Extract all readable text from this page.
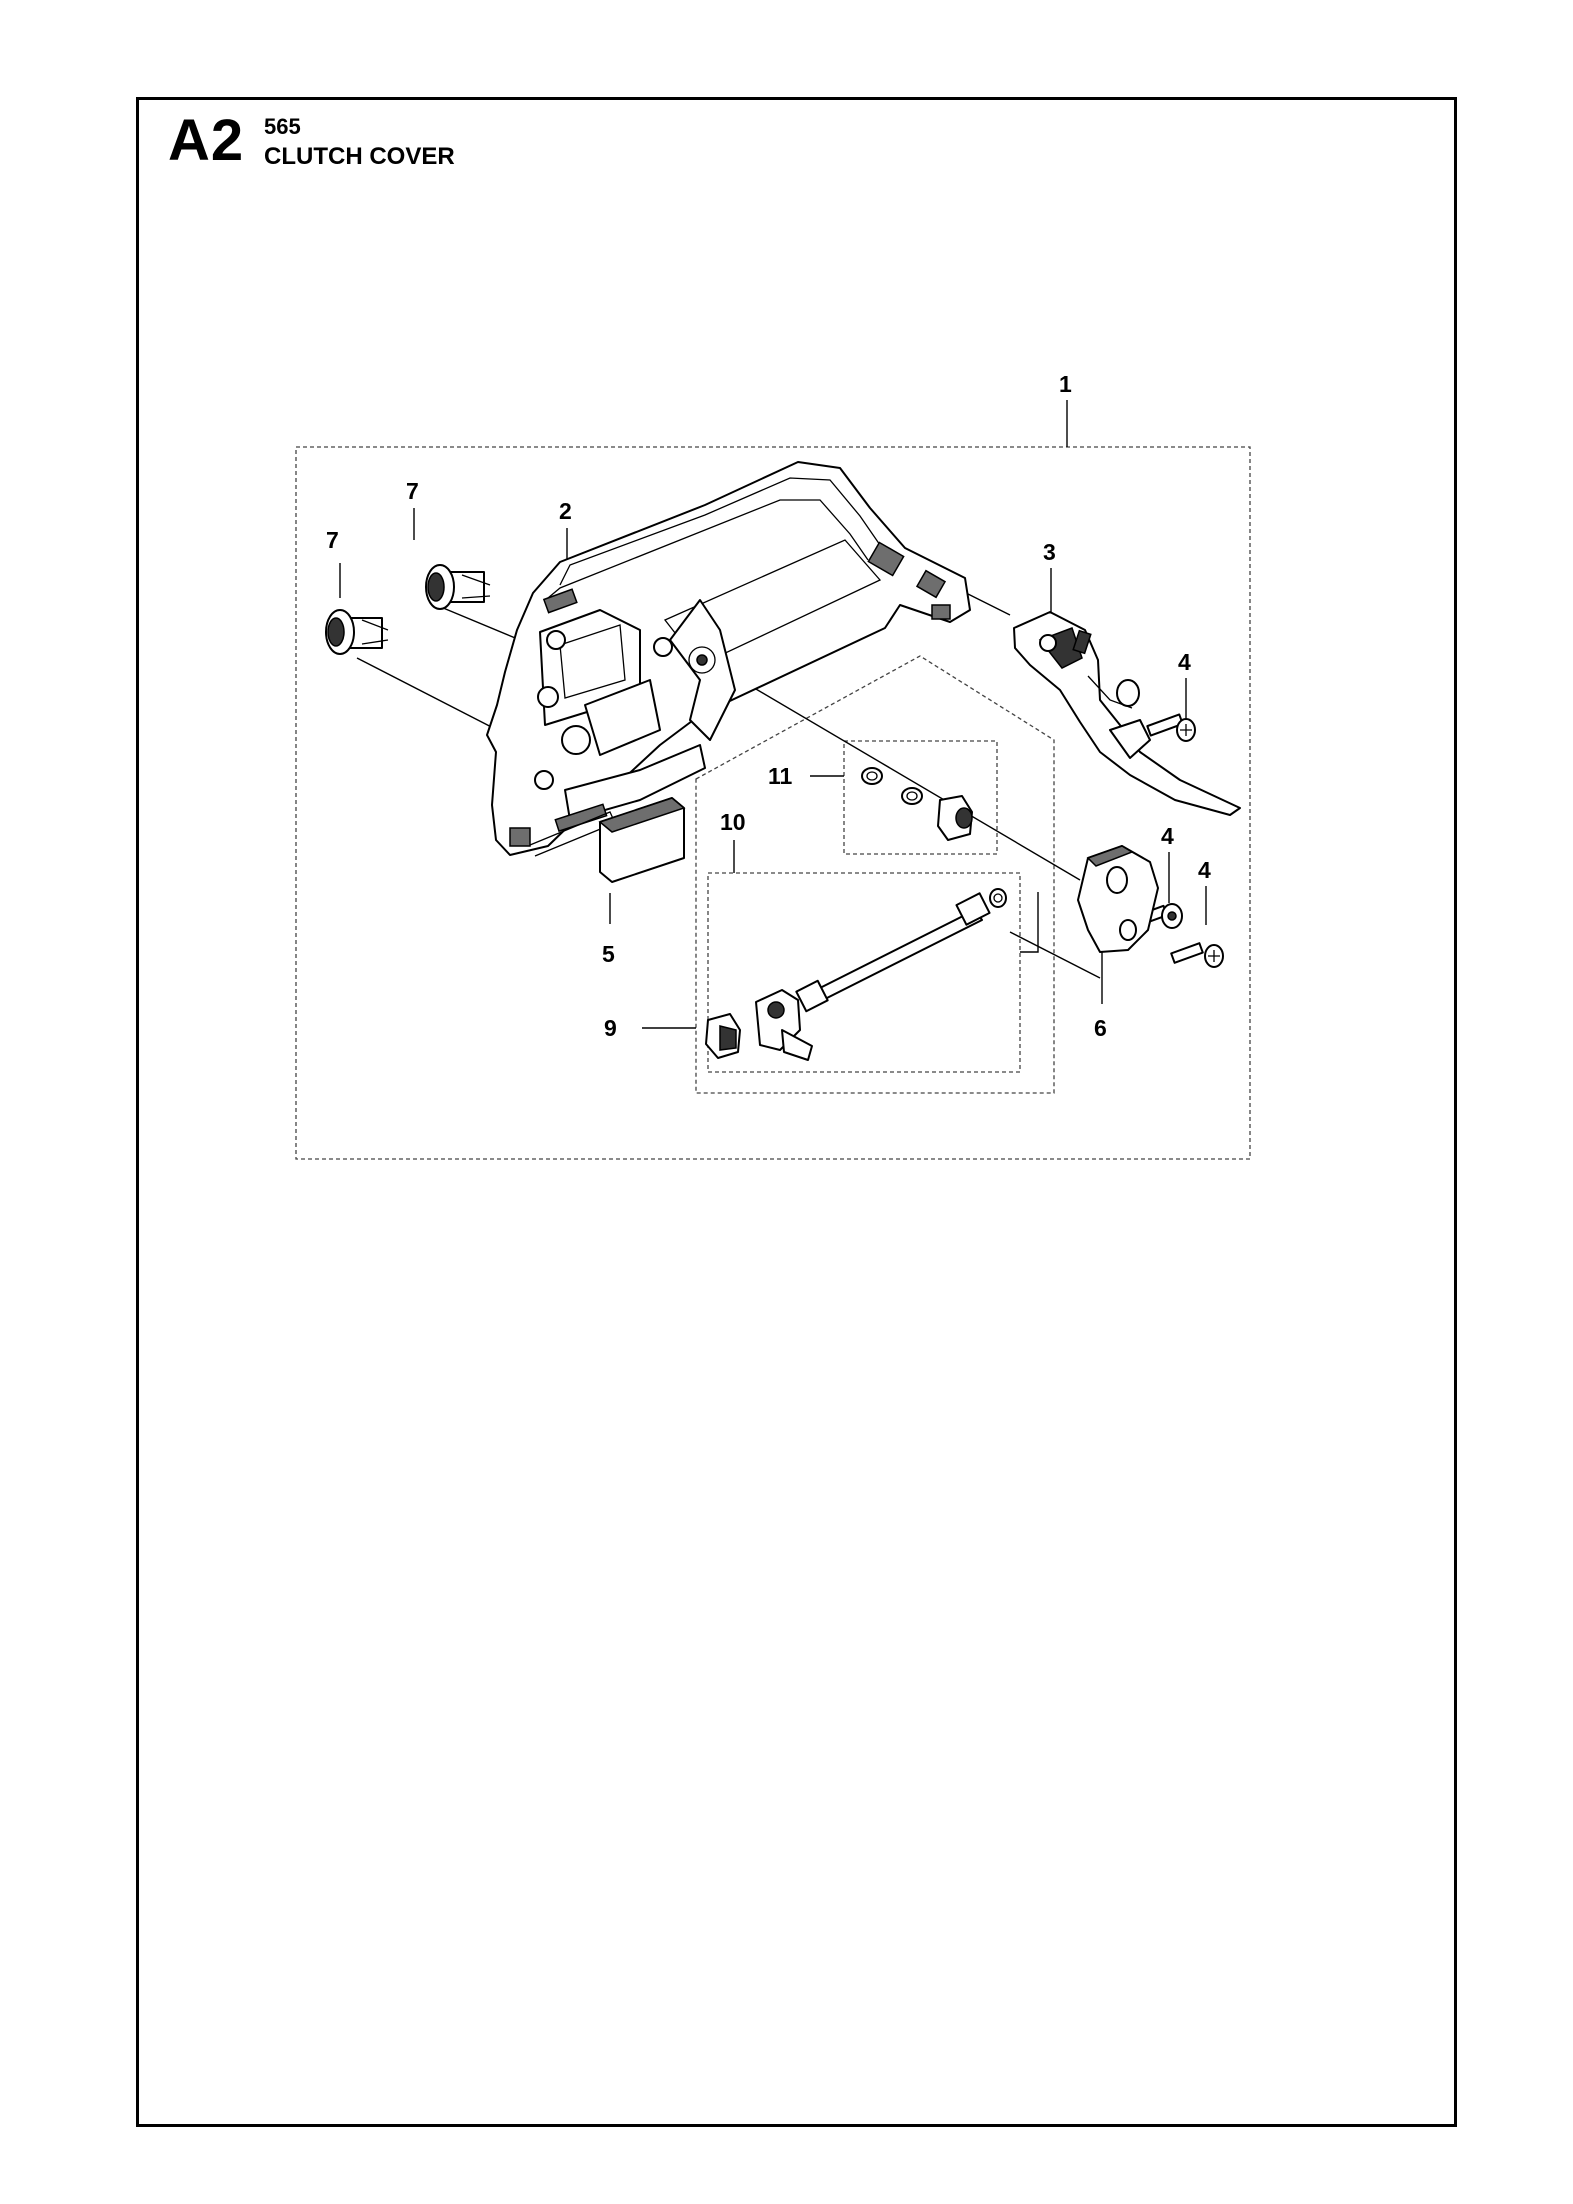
A2 565
CLUTCH COVER
1
2
3
4
4
4
5
6
7
7
9
10
11
